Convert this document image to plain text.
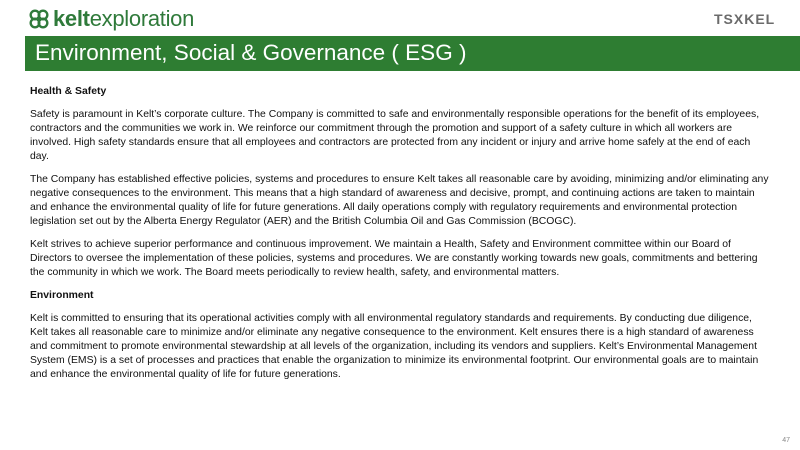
keltexploration	TSXKEL
Environment, Social & Governance ( ESG )
Health & Safety

Safety is paramount in Kelt’s corporate culture. The Company is committed to safe and environmentally responsible operations for the benefit of its employees, contractors and the communities we work in. We reinforce our commitment through the promotion and support of a safety culture in which all workers are involved. High safety standards ensure that all employees and contractors are protected from any incident or injury and arrive home safely at the end of each day.

The Company has established effective policies, systems and procedures to ensure Kelt takes all reasonable care by avoiding, minimizing and/or eliminating any negative consequences to the environment. This means that a high standard of awareness and decisive, prompt, and continuing actions are taken to maintain and enhance the environmental quality of life for future generations. All daily operations comply with regulatory requirements and environmental protection legislation set out by the Alberta Energy Regulator (AER) and the British Columbia Oil and Gas Commission (BCOGC).

Kelt strives to achieve superior performance and continuous improvement. We maintain a Health, Safety and Environment committee within our Board of Directors to oversee the implementation of these policies, systems and procedures. We are constantly working towards new goals, commitments and bettering the community in which we work. The Board meets periodically to review health, safety, and environmental matters.

Environment

Kelt is committed to ensuring that its operational activities comply with all environmental regulatory standards and requirements. By conducting due diligence, Kelt takes all reasonable care to minimize and/or eliminate any negative consequence to the environment. Kelt ensures there is a high standard of awareness and commitment to promote environmental stewardship at all levels of the organization, including its vendors and suppliers. Kelt’s Environmental Management System (EMS) is a set of processes and practices that enable the organization to minimize its environmental footprint. Our environmental goals are to maintain and enhance the environmental quality of life for future generations.

47
